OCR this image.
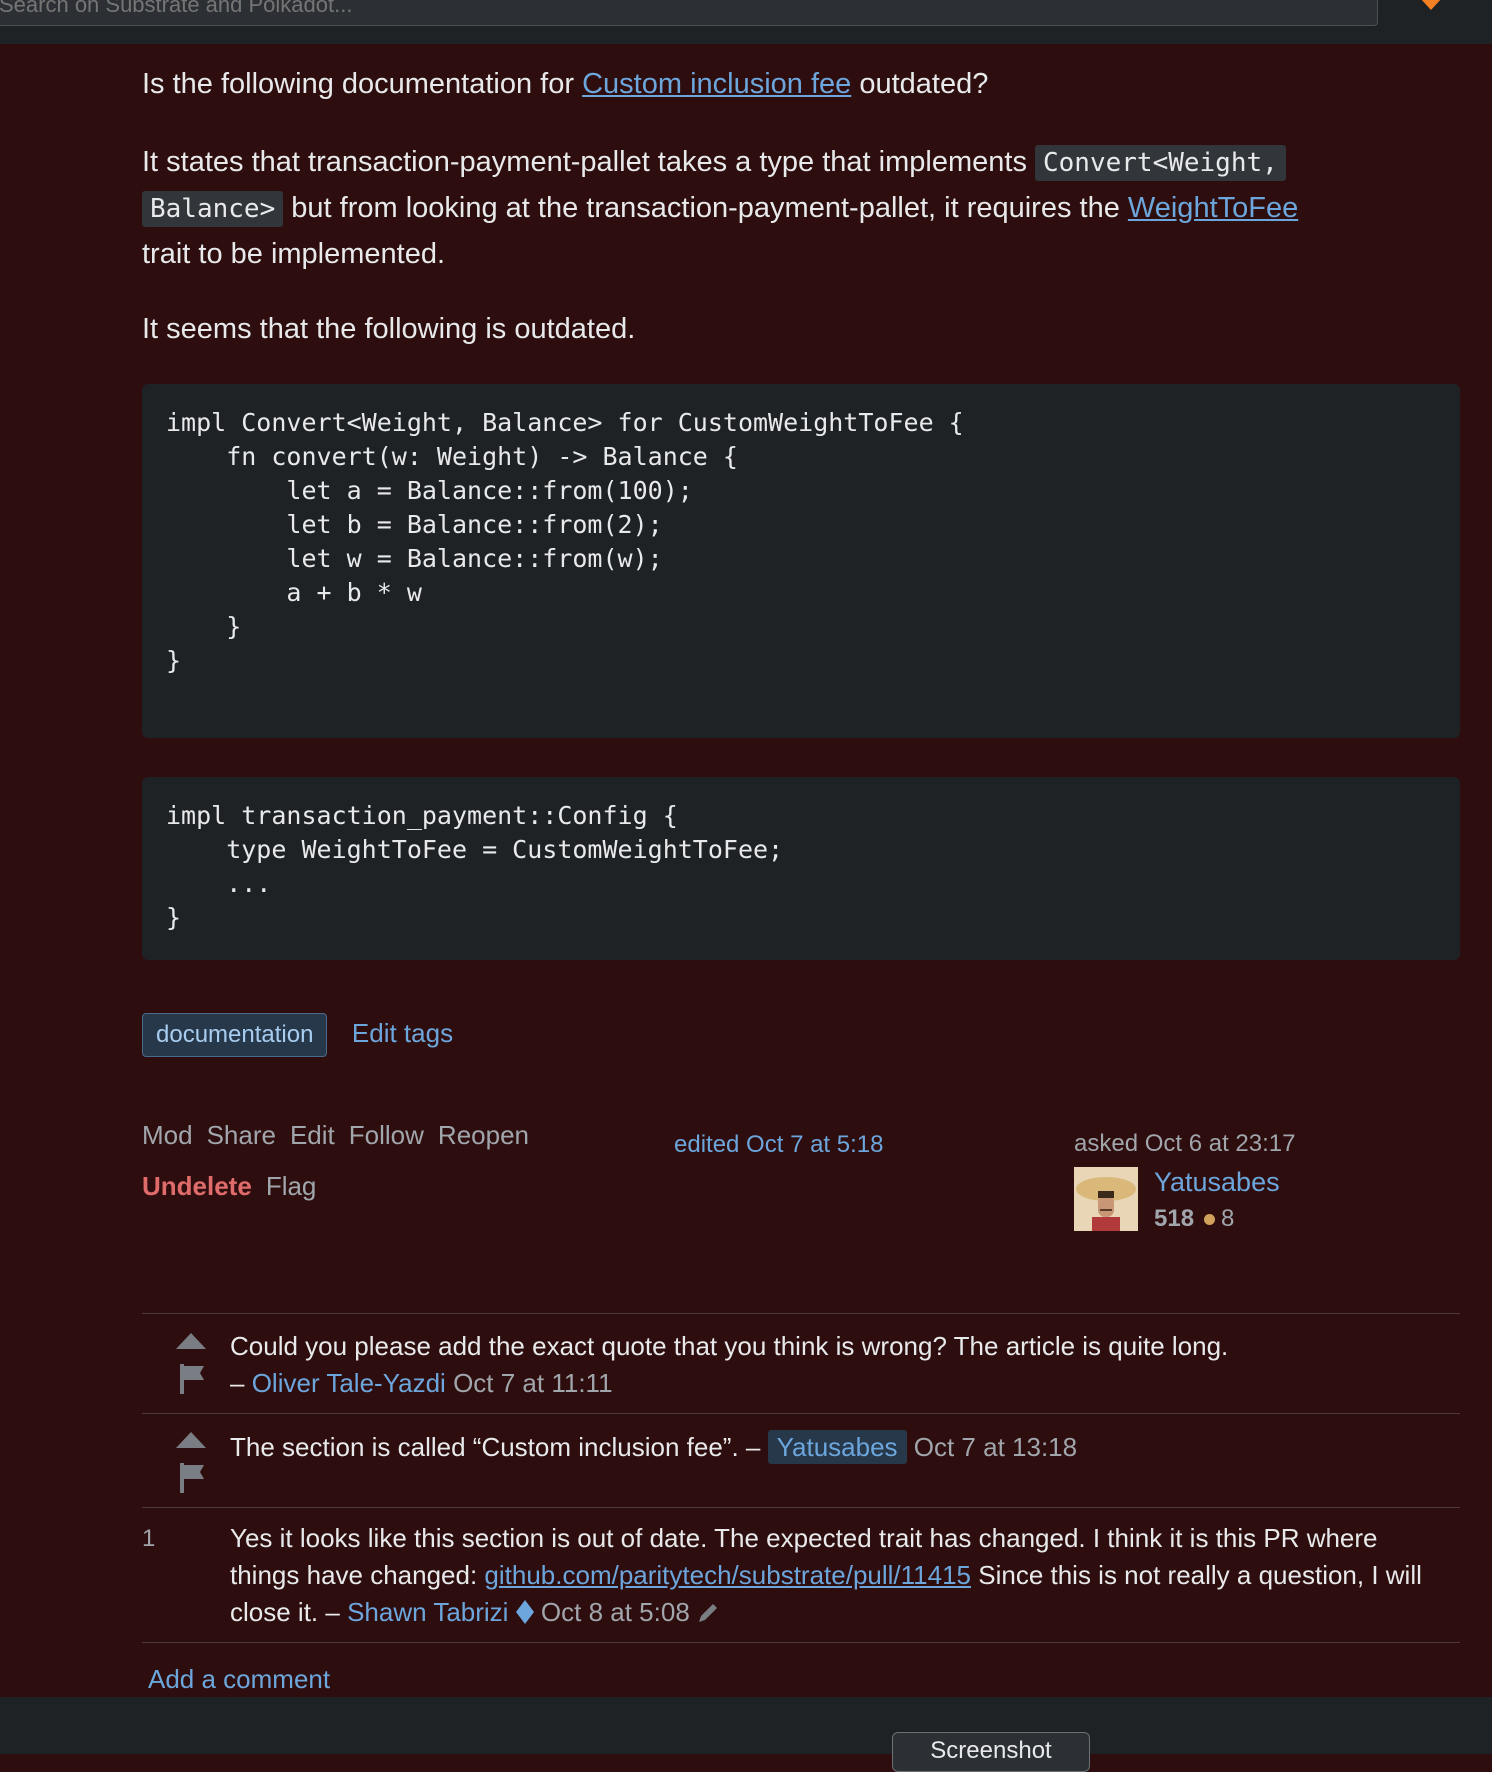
Search on Substrate and Polkadot...

Is the following documentation for Custom inclusion fee outdated?

It states that transaction-payment-pallet takes a type that implements Convert<Weight,
Balance> but from looking at the transaction-payment-pallet, it requires the WeightToFee
trait to be implemented.

It seems that the following is outdated.

impl Convert<Weight, Balance> for CustomWeightToFee {
fn convert(w: Weight) -> Balance {
let a = Balance::from(100);
let b = Balance::from(2);
let w = Balance::from(w);
a + b * w
}
}
impl transaction_payment::Config {
type WeightToFee = CustomWeightToFee;
...
}
documentation Edit tags
Mod Share Edit Follow Reopen
Undelete Flag
edited Oct 7 at 5:18	asked Oct 6 at 23:17
Yatusabes
518 8
Could you please add the exact quote that you think is wrong? The article is quite long.
– Oliver Tale-Yazdi Oct 7 at 11:11
The section is called “Custom inclusion fee”. – Yatusabes Oct 7 at 13:18
1	Yes it looks like this section is out of date. The expected trait has changed. I think it is this PR where things have changed: github.com/paritytech/substrate/pull/11415 Since this is not really a question, I will close it. – Shawn Tabrizi Oct 8 at 5:08
Add a comment
Screenshot
